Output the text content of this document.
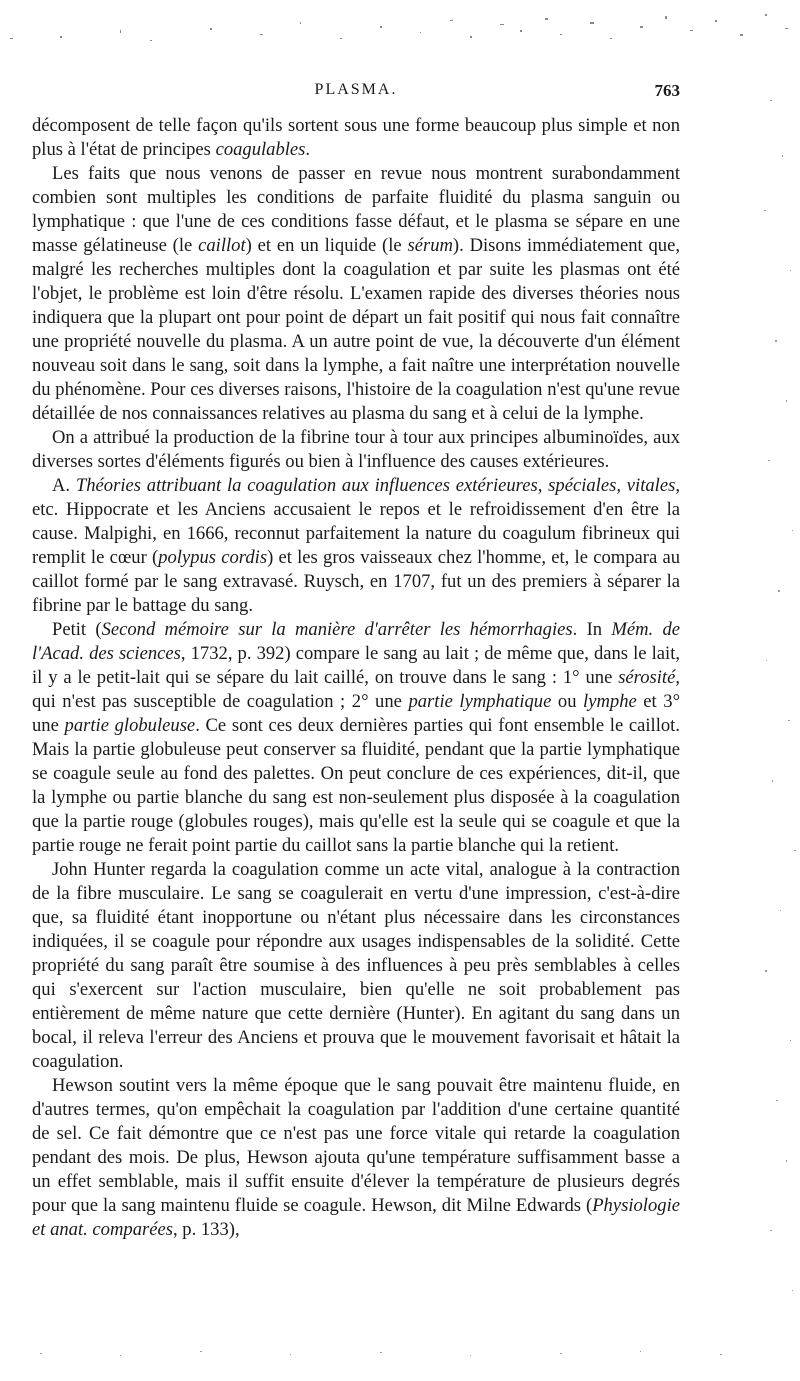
PLASMA.	763

décomposent de telle façon qu'ils sortent sous une forme beaucoup plus simple et non plus à l'état de principes coagulables.

Les faits que nous venons de passer en revue nous montrent surabondamment combien sont multiples les conditions de parfaite fluidité du plasma sanguin ou lymphatique : que l'une de ces conditions fasse défaut, et le plasma se sépare en une masse gélatineuse (le caillot) et en un liquide (le sérum). Disons immédiatement que, malgré les recherches multiples dont la coagulation et par suite les plasmas ont été l'objet, le problème est loin d'être résolu. L'examen rapide des diverses théories nous indiquera que la plupart ont pour point de départ un fait positif qui nous fait connaître une propriété nouvelle du plasma. A un autre point de vue, la découverte d'un élément nouveau soit dans le sang, soit dans la lymphe, a fait naître une interprétation nouvelle du phénomène. Pour ces diverses raisons, l'histoire de la coagulation n'est qu'une revue détaillée de nos connaissances relatives au plasma du sang et à celui de la lymphe.

On a attribué la production de la fibrine tour à tour aux principes albuminoïdes, aux diverses sortes d'éléments figurés ou bien à l'influence des causes extérieures.

A. Théories attribuant la coagulation aux influences extérieures, spéciales, vitales, etc. Hippocrate et les Anciens accusaient le repos et le refroidissement d'en être la cause. Malpighi, en 1666, reconnut parfaitement la nature du coagulum fibrineux qui remplit le cœur (polypus cordis) et les gros vaisseaux chez l'homme, et, le compara au caillot formé par le sang extravasé. Ruysch, en 1707, fut un des premiers à séparer la fibrine par le battage du sang.

Petit (Second mémoire sur la manière d'arrêter les hémorrhagies. In Mém. de l'Acad. des sciences, 1732, p. 392) compare le sang au lait ; de même que, dans le lait, il y a le petit-lait qui se sépare du lait caillé, on trouve dans le sang : 1° une sérosité, qui n'est pas susceptible de coagulation ; 2° une partie lymphatique ou lymphe et 3° une partie globuleuse. Ce sont ces deux dernières parties qui font ensemble le caillot. Mais la partie globuleuse peut conserver sa fluidité, pendant que la partie lymphatique se coagule seule au fond des palettes. On peut conclure de ces expériences, dit-il, que la lymphe ou partie blanche du sang est non-seulement plus disposée à la coagulation que la partie rouge (globules rouges), mais qu'elle est la seule qui se coagule et que la partie rouge ne ferait point partie du caillot sans la partie blanche qui la retient.

John Hunter regarda la coagulation comme un acte vital, analogue à la contraction de la fibre musculaire. Le sang se coagulerait en vertu d'une impression, c'est-à-dire que, sa fluidité étant inopportune ou n'étant plus nécessaire dans les circonstances indiquées, il se coagule pour répondre aux usages indispensables de la solidité. Cette propriété du sang paraît être soumise à des influences à peu près semblables à celles qui s'exercent sur l'action musculaire, bien qu'elle ne soit probablement pas entièrement de même nature que cette dernière (Hunter). En agitant du sang dans un bocal, il releva l'erreur des Anciens et prouva que le mouvement favorisait et hâtait la coagulation.

Hewson soutint vers la même époque que le sang pouvait être maintenu fluide, en d'autres termes, qu'on empêchait la coagulation par l'addition d'une certaine quantité de sel. Ce fait démontre que ce n'est pas une force vitale qui retarde la coagulation pendant des mois. De plus, Hewson ajouta qu'une température suffisamment basse a un effet semblable, mais il suffit ensuite d'élever la température de plusieurs degrés pour que la sang maintenu fluide se coagule. Hewson, dit Milne Edwards (Physiologie et anat. comparées, p. 133),
